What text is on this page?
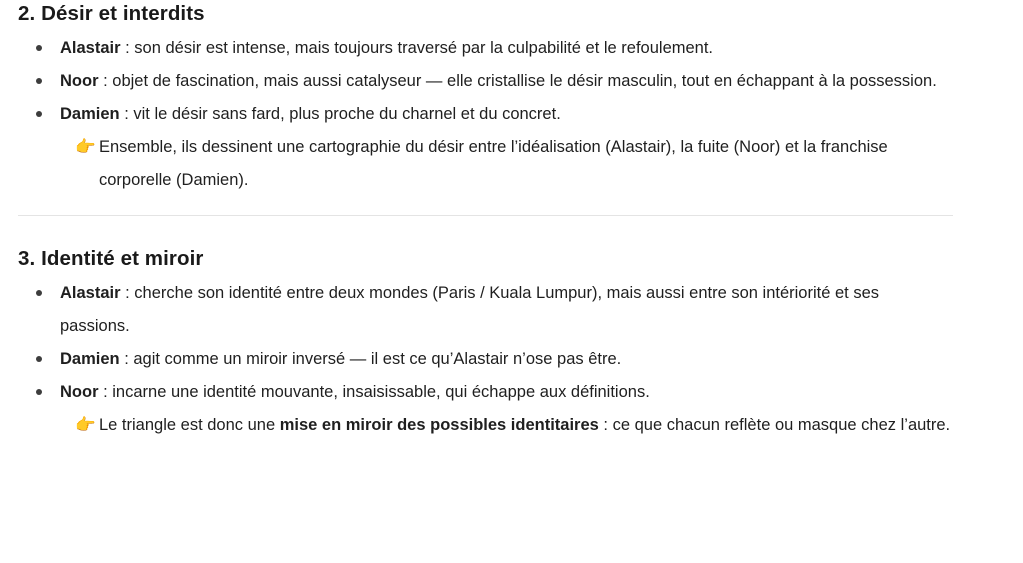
2. Désir et interdits
Alastair : son désir est intense, mais toujours traversé par la culpabilité et le refoulement.
Noor : objet de fascination, mais aussi catalyseur — elle cristallise le désir masculin, tout en échappant à la possession.
Damien : vit le désir sans fard, plus proche du charnel et du concret.
👉 Ensemble, ils dessinent une cartographie du désir entre l’idéalisation (Alastair), la fuite (Noor) et la franchise corporelle (Damien).
3. Identité et miroir
Alastair : cherche son identité entre deux mondes (Paris / Kuala Lumpur), mais aussi entre son intériorité et ses passions.
Damien : agit comme un miroir inversé — il est ce qu’Alastair n’ose pas être.
Noor : incarne une identité mouvante, insaisissable, qui échappe aux définitions.
👉 Le triangle est donc une mise en miroir des possibles identitaires : ce que chacun reflète ou masque chez l’autre.
